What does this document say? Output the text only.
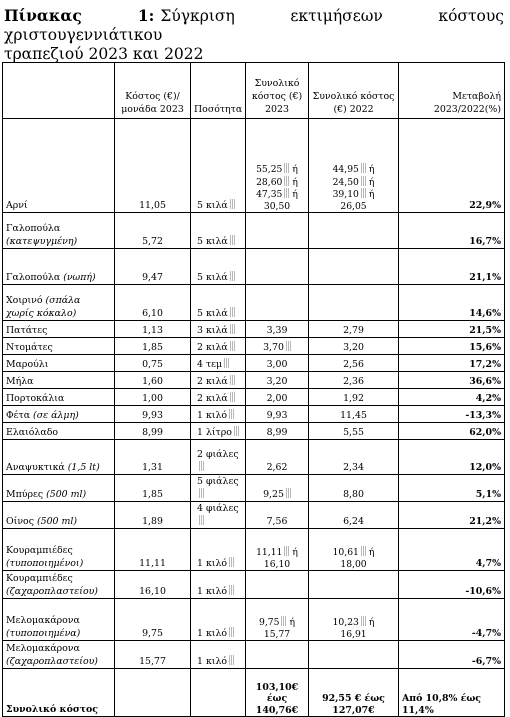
Πίνακας 1: Σύγκριση εκτιμήσεων κόστους χριστουγεννιάτικου
τραπεζιού 2023 και 2022
	Κόστος (€)/ μονάδα 2023	Ποσότητα	Συνολικό κόστος (€) 2023	Συνολικό κόστος (€) 2022	Μεταβολή 2023/2022(%)
Αρνί	11,05	5 κιλά	55,25 ή
28,60 ή
47,35 ή
30,50	44,95 ή
24,50 ή
39,10 ή
26,05	22,9%
Γαλοπούλα (κατεψυγμένη)	5,72	5 κιλά			16,7%
Γαλοπούλα (νωπή)	9,47	5 κιλά			21,1%
Χοιρινό (σπάλα χωρίς κόκαλο)	6,10	5 κιλά			14,6%
Πατάτες	1,13	3 κιλά	3,39	2,79	21,5%
Ντομάτες	1,85	2 κιλά	3,70	3,20	15,6%
Μαρούλι	0,75	4 τεμ	3,00	2,56	17,2%
Μήλα	1,60	2 κιλά	3,20	2,36	36,6%
Πορτοκάλια	1,00	2 κιλά	2,00	1,92	4,2%
Φέτα (σε άλμη)	9,93	1 κιλό	9,93	11,45	-13,3%
Ελαιόλαδο	8,99	1 λίτρο	8,99	5,55	62,0%
Αναψυκτικά (1,5 lt)	1,31	2 φιάλες	2,62	2,34	12,0%
Μπύρες (500 ml)	1,85	5 φιάλες	9,25	8,80	5,1%
Οίνος (500 ml)	1,89	4 φιάλες	7,56	6,24	21,2%
Κουραμπιέδες (τυποποιημένοι)	11,11	1 κιλό	11,11 ή
16,10	10,61 ή
18,00	4,7%
Κουραμπιέδες (ζαχαροπλαστείου)	16,10	1 κιλό			-10,6%
Μελομακάρονα (τυποποιημένα)	9,75	1 κιλό	9,75 ή
15,77	10,23 ή
16,91	-4,7%
Μελομακάρονα (ζαχαροπλαστείου)	15,77	1 κιλό			-6,7%
Συνολικό κόστος			103,10€ έως 140,76€	92,55 € έως 127,07€	Από 10,8% έως 11,4%
